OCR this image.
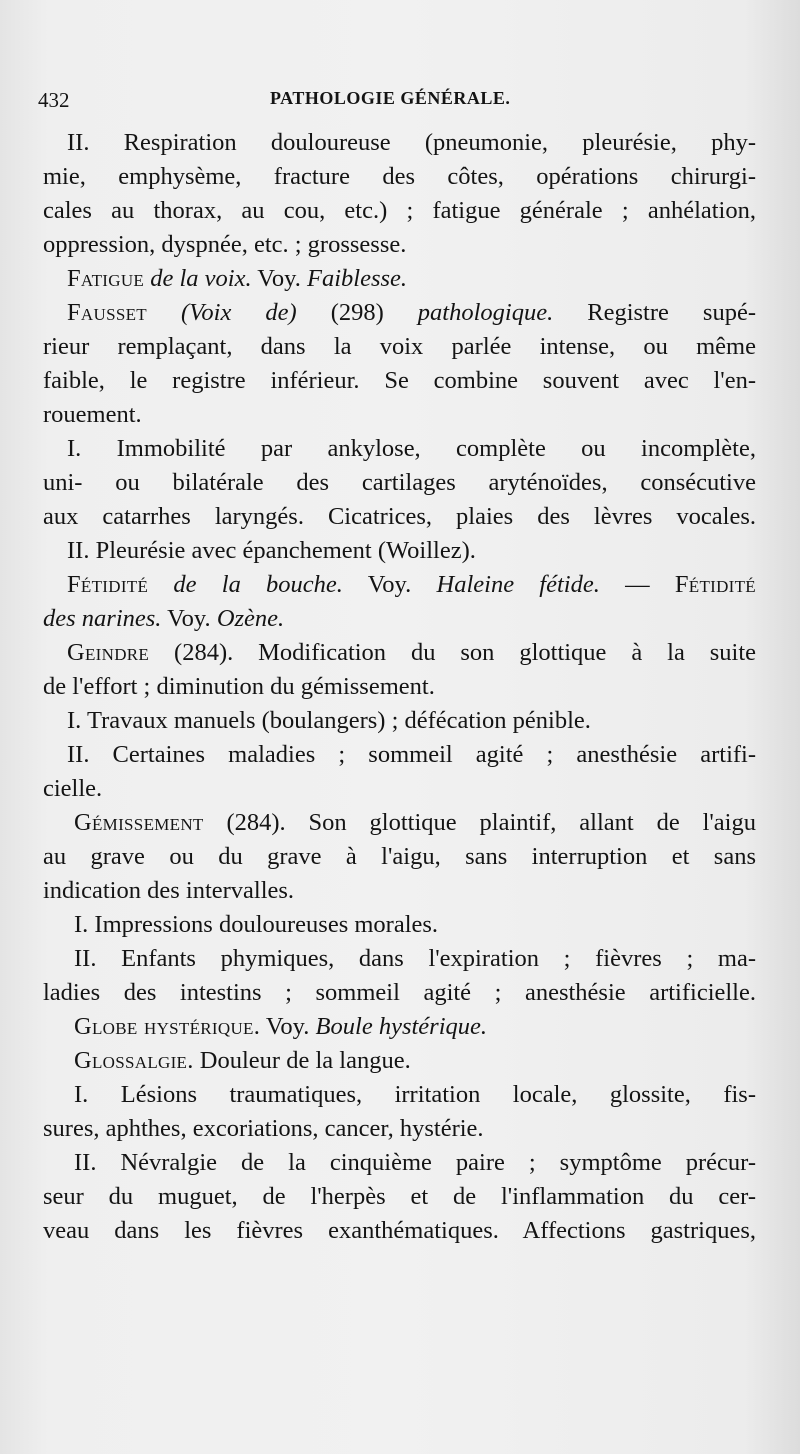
432	PATHOLOGIE GÉNÉRALE.
II. Respiration douloureuse (pneumonie, pleurésie, phy-
mie, emphysème, fracture des côtes, opérations chirurgi-
cales au thorax, au cou, etc.) ; fatigue générale ; anhélation,
oppression, dyspnée, etc. ; grossesse.
Fatigue de la voix. Voy. Faiblesse.
Fausset (Voix de) (298) pathologique. Registre supé-
rieur remplaçant, dans la voix parlée intense, ou même
faible, le registre inférieur. Se combine souvent avec l'en-
rouement.
I. Immobilité par ankylose, complète ou incomplète,
uni- ou bilatérale des cartilages aryténoïdes, consécutive
aux catarrhes laryngés. Cicatrices, plaies des lèvres vocales.
II. Pleurésie avec épanchement (Woillez).
Fétidité de la bouche. Voy. Haleine fétide. — Fétidité
des narines. Voy. Ozène.
Geindre (284). Modification du son glottique à la suite
de l'effort ; diminution du gémissement.
I. Travaux manuels (boulangers) ; défécation pénible.
II. Certaines maladies ; sommeil agité ; anesthésie artifi-
cielle.
Gémissement (284). Son glottique plaintif, allant de l'aigu
au grave ou du grave à l'aigu, sans interruption et sans
indication des intervalles.
I. Impressions douloureuses morales.
II. Enfants phymiques, dans l'expiration ; fièvres ; ma-
ladies des intestins ; sommeil agité ; anesthésie artificielle.
Globe hystérique. Voy. Boule hystérique.
Glossalgie. Douleur de la langue.
I. Lésions traumatiques, irritation locale, glossite, fis-
sures, aphthes, excoriations, cancer, hystérie.
II. Névralgie de la cinquième paire ; symptôme précur-
seur du muguet, de l'herpès et de l'inflammation du cer-
veau dans les fièvres exanthématiques. Affections gastriques,
